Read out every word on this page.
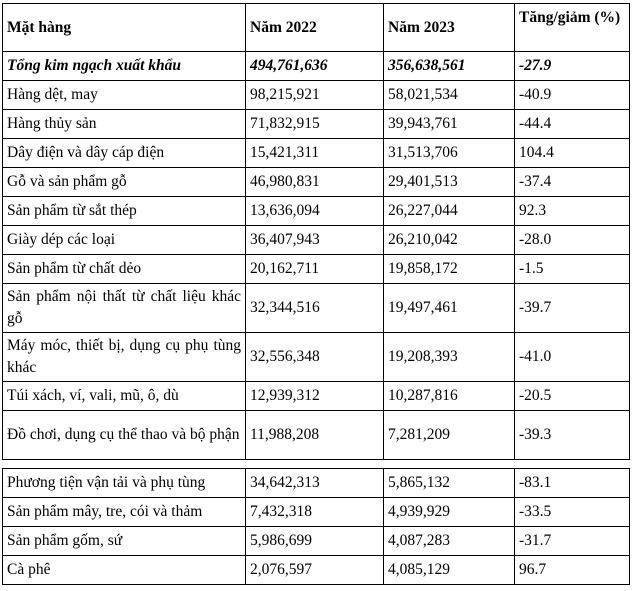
Mặt hàng	Năm 2022	Năm 2023	Tăng/giảm (%)
Tổng kim ngạch xuất khẩu	494,761,636	356,638,561	-27.9
Hàng dệt, may	98,215,921	58,021,534	-40.9
Hàng thủy sản	71,832,915	39,943,761	-44.4
Dây điện và dây cáp điện	15,421,311	31,513,706	104.4
Gỗ và sản phẩm gỗ	46,980,831	29,401,513	-37.4
Sản phẩm từ sắt thép	13,636,094	26,227,044	92.3
Giày dép các loại	36,407,943	26,210,042	-28.0
Sản phẩm từ chất dẻo	20,162,711	19,858,172	-1.5
Sản phẩm nội thất từ chất liệu khác gỗ	32,344,516	19,497,461	-39.7
Máy móc, thiết bị, dụng cụ phụ tùng khác	32,556,348	19,208,393	-41.0
Túi xách, ví, vali, mũ, ô, dù	12,939,312	10,287,816	-20.5
Đồ chơi, dụng cụ thể thao và bộ phận	11,988,208	7,281,209	-39.3
Phương tiện vận tải và phụ tùng	34,642,313	5,865,132	-83.1
Sản phẩm mây, tre, cói và thảm	7,432,318	4,939,929	-33.5
Sản phẩm gốm, sứ	5,986,699	4,087,283	-31.7
Cà phê	2,076,597	4,085,129	96.7
